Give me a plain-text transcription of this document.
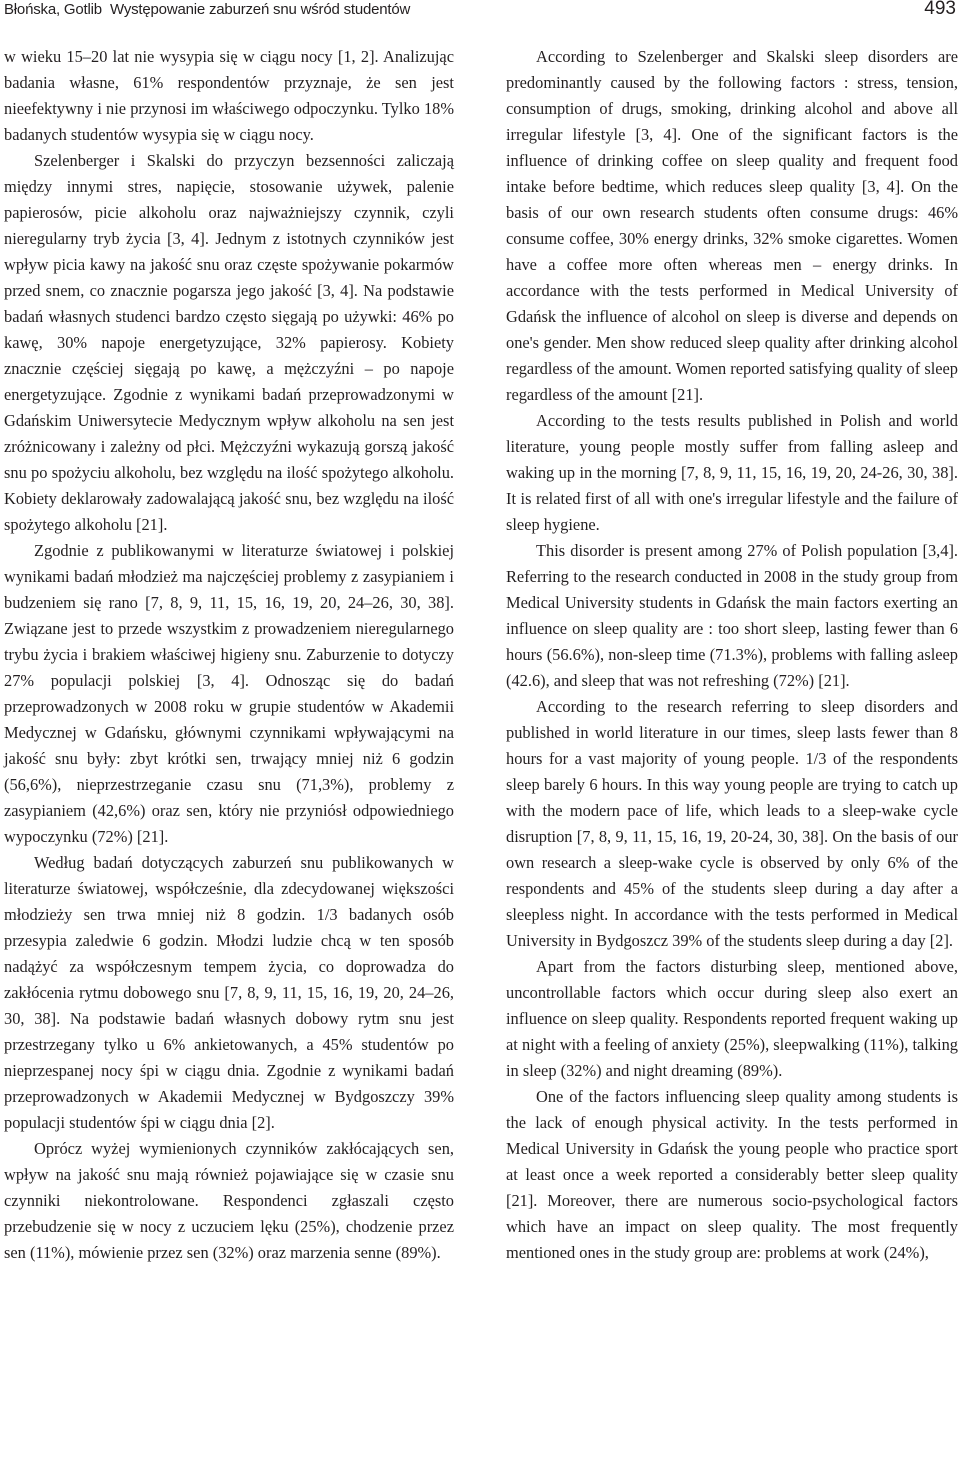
Błońska, Gotlib Występowanie zaburzeń snu wśród studentów	493

w wieku 15–20 lat nie wysypia się w ciągu nocy [1, 2]. Analizując badania własne, 61% respondentów przyznaje, że sen jest nieefektywny i nie przynosi im właściwego odpoczynku. Tylko 18% badanych studentów wysypia się w ciągu nocy.

Szelenberger i Skalski do przyczyn bezsenności zaliczają między innymi stres, napięcie, stosowanie używek, palenie papierosów, picie alkoholu oraz najważniejszy czynnik, czyli nieregularny tryb życia [3, 4]. Jednym z istotnych czynników jest wpływ picia kawy na jakość snu oraz częste spożywanie pokarmów przed snem, co znacznie pogarsza jego jakość [3, 4]. Na podstawie badań własnych studenci bardzo często sięgają po używki: 46% po kawę, 30% napoje energetyzujące, 32% papierosy. Kobiety znacznie częściej sięgają po kawę, a mężczyźni – po napoje energetyzujące. Zgodnie z wynikami badań przeprowadzonymi w Gdańskim Uniwersytecie Medycznym wpływ alkoholu na sen jest zróżnicowany i zależny od płci. Mężczyźni wykazują gorszą jakość snu po spożyciu alkoholu, bez względu na ilość spożytego alkoholu. Kobiety deklarowały zadowalającą jakość snu, bez względu na ilość spożytego alkoholu [21].

Zgodnie z publikowanymi w literaturze światowej i polskiej wynikami badań młodzież ma najczęściej problemy z zasypianiem i budzeniem się rano [7, 8, 9, 11, 15, 16, 19, 20, 24–26, 30, 38]. Związane jest to przede wszystkim z prowadzeniem nieregularnego trybu życia i brakiem właściwej higieny snu. Zaburzenie to dotyczy 27% populacji polskiej [3, 4]. Odnosząc się do badań przeprowadzonych w 2008 roku w grupie studentów w Akademii Medycznej w Gdańsku, głównymi czynnikami wpływającymi na jakość snu były: zbyt krótki sen, trwający mniej niż 6 godzin (56,6%), nieprzestrzeganie czasu snu (71,3%), problemy z zasypianiem (42,6%) oraz sen, który nie przyniósł odpowiedniego wypoczynku (72%) [21].

Według badań dotyczących zaburzeń snu publikowanych w literaturze światowej, współcześnie, dla zdecydowanej większości młodzieży sen trwa mniej niż 8 godzin. 1/3 badanych osób przesypia zaledwie 6 godzin. Młodzi ludzie chcą w ten sposób nadążyć za współczesnym tempem życia, co doprowadza do zakłócenia rytmu dobowego snu [7, 8, 9, 11, 15, 16, 19, 20, 24–26, 30, 38]. Na podstawie badań własnych dobowy rytm snu jest przestrzegany tylko u 6% ankietowanych, a 45% studentów po nieprzespanej nocy śpi w ciągu dnia. Zgodnie z wynikami badań przeprowadzonych w Akademii Medycznej w Bydgoszczy 39% populacji studentów śpi w ciągu dnia [2].

Oprócz wyżej wymienionych czynników zakłócających sen, wpływ na jakość snu mają również pojawiające się w czasie snu czynniki niekontrolowane. Respondenci zgłaszali często przebudzenie się w nocy z uczuciem lęku (25%), chodzenie przez sen (11%), mówienie przez sen (32%) oraz marzenia senne (89%).

According to Szelenberger and Skalski sleep disorders are predominantly caused by the following factors : stress, tension, consumption of drugs, smoking, drinking alcohol and above all irregular lifestyle [3, 4]. One of the significant factors is the influence of drinking coffee on sleep quality and frequent food intake before bedtime, which reduces sleep quality [3, 4]. On the basis of our own research students often consume drugs: 46% consume coffee, 30% energy drinks, 32% smoke cigarettes. Women have a coffee more often whereas men – energy drinks. In accordance with the tests performed in Medical University of Gdańsk the influence of alcohol on sleep is diverse and depends on one's gender. Men show reduced sleep quality after drinking alcohol regardless of the amount. Women reported satisfying quality of sleep regardless of the amount [21].

According to the tests results published in Polish and world literature, young people mostly suffer from falling asleep and waking up in the morning [7, 8, 9, 11, 15, 16, 19, 20, 24-26, 30, 38]. It is related first of all with one's irregular lifestyle and the failure of sleep hygiene.

This disorder is present among 27% of Polish population [3,4]. Referring to the research conducted in 2008 in the study group from Medical University students in Gdańsk the main factors exerting an influence on sleep quality are : too short sleep, lasting fewer than 6 hours (56.6%), non-sleep time (71.3%), problems with falling asleep (42.6), and sleep that was not refreshing (72%) [21].

According to the research referring to sleep disorders and published in world literature in our times, sleep lasts fewer than 8 hours for a vast majority of young people. 1/3 of the respondents sleep barely 6 hours. In this way young people are trying to catch up with the modern pace of life, which leads to a sleep-wake cycle disruption [7, 8, 9, 11, 15, 16, 19, 20-24, 30, 38]. On the basis of our own research a sleep-wake cycle is observed by only 6% of the respondents and 45% of the students sleep during a day after a sleepless night. In accordance with the tests performed in Medical University in Bydgoszcz 39% of the students sleep during a day [2].

Apart from the factors disturbing sleep, mentioned above, uncontrollable factors which occur during sleep also exert an influence on sleep quality. Respondents reported frequent waking up at night with a feeling of anxiety (25%), sleepwalking (11%), talking in sleep (32%) and night dreaming (89%).

One of the factors influencing sleep quality among students is the lack of enough physical activity. In the tests performed in Medical University in Gdańsk the young people who practice sport at least once a week reported a considerably better sleep quality [21]. Moreover, there are numerous socio-psychological factors which have an impact on sleep quality. The most frequently mentioned ones in the study group are: problems at work (24%),
